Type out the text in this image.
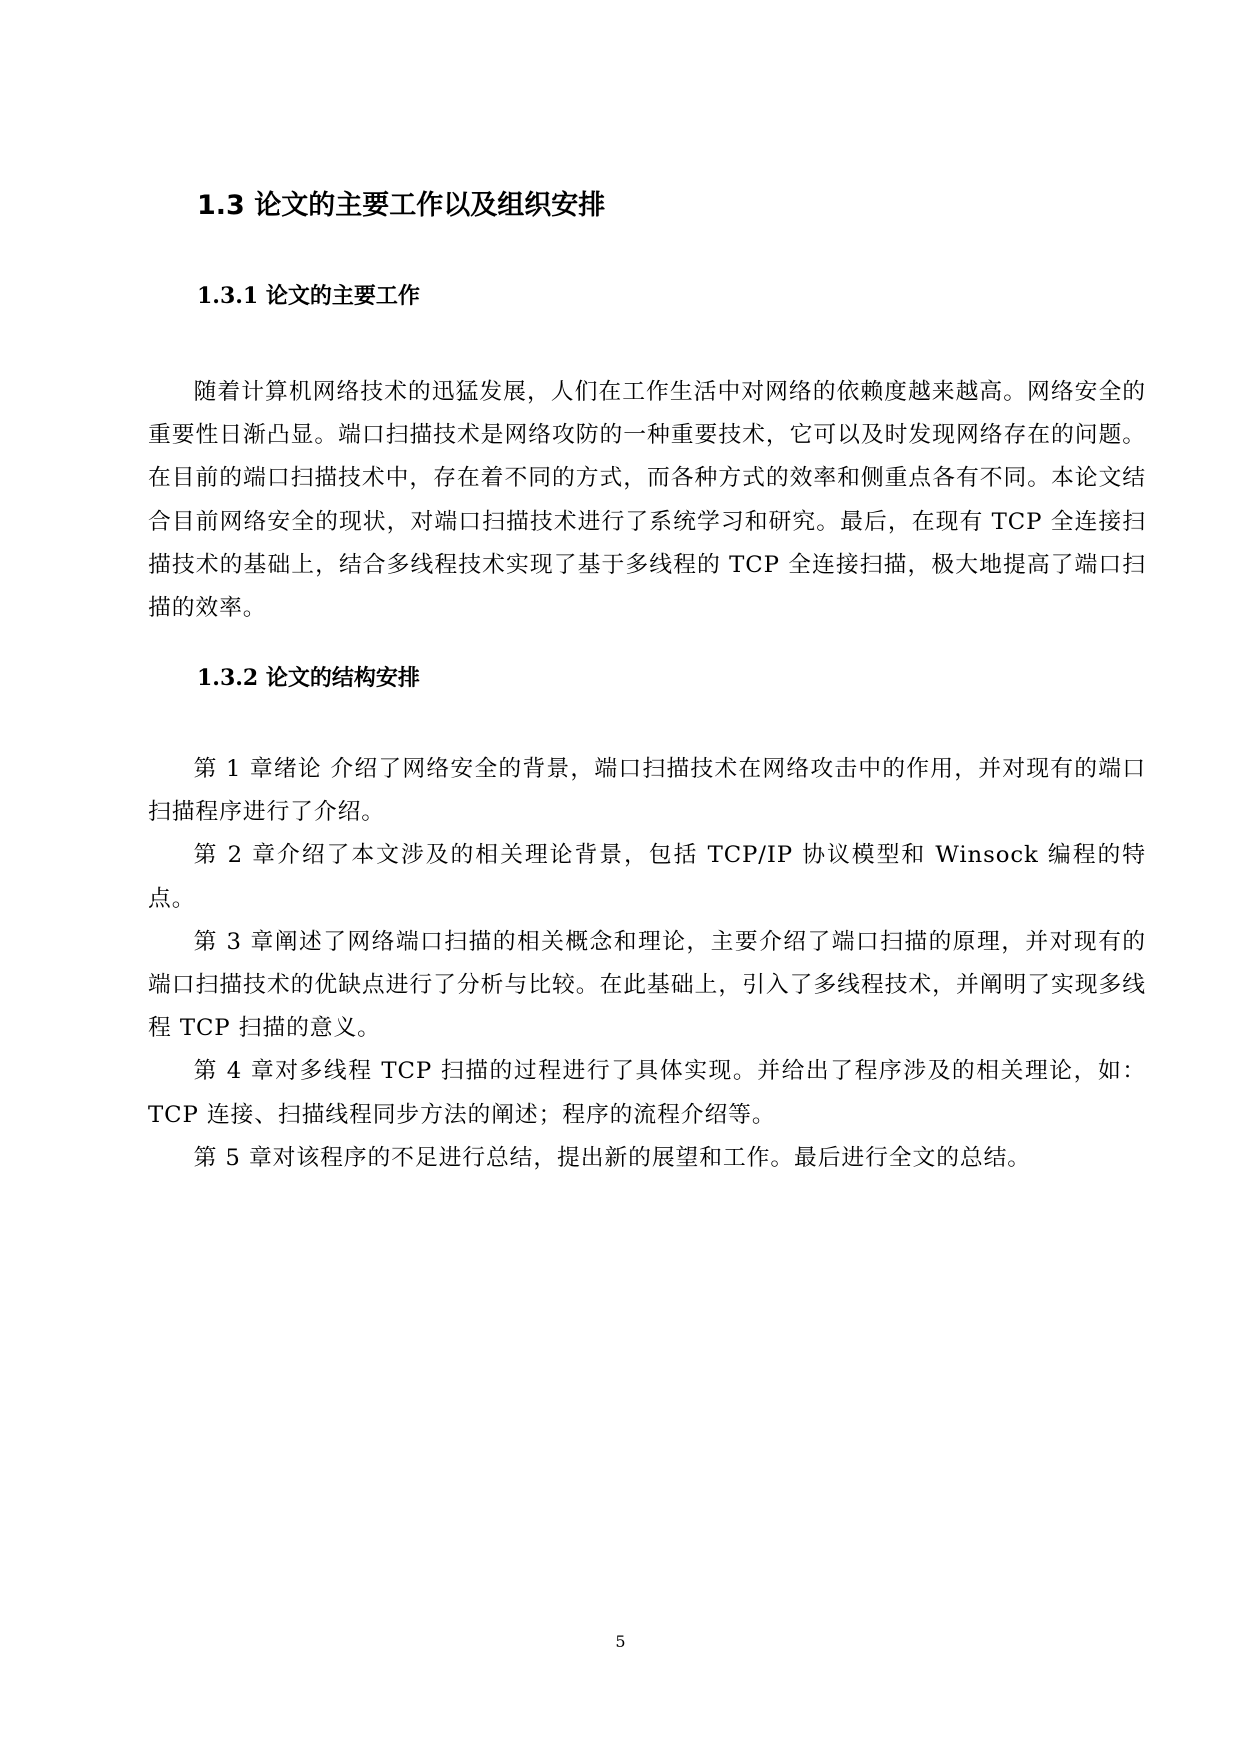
1.3 论文的主要工作以及组织安排
1.3.1 论文的主要工作

随着计算机网络技术的迅猛发展，人们在工作生活中对网络的依赖度越来越高。网络安全的重要性日渐凸显。端口扫描技术是网络攻防的一种重要技术，它可以及时发现网络存在的问题。在目前的端口扫描技术中，存在着不同的方式，而各种方式的效率和侧重点各有不同。本论文结合目前网络安全的现状，对端口扫描技术进行了系统学习和研究。最后，在现有 TCP 全连接扫描技术的基础上，结合多线程技术实现了基于多线程的 TCP 全连接扫描，极大地提高了端口扫描的效率。

1.3.2 论文的结构安排

第 1 章绪论 介绍了网络安全的背景，端口扫描技术在网络攻击中的作用，并对现有的端口扫描程序进行了介绍。

第 2 章介绍了本文涉及的相关理论背景，包括 TCP/IP 协议模型和 Winsock 编程的特点。

第 3 章阐述了网络端口扫描的相关概念和理论，主要介绍了端口扫描的原理，并对现有的端口扫描技术的优缺点进行了分析与比较。在此基础上，引入了多线程技术，并阐明了实现多线程 TCP 扫描的意义。

第 4 章对多线程 TCP 扫描的过程进行了具体实现。并给出了程序涉及的相关理论，如：TCP 连接、扫描线程同步方法的阐述；程序的流程介绍等。

第 5 章对该程序的不足进行总结，提出新的展望和工作。最后进行全文的总结。

5
